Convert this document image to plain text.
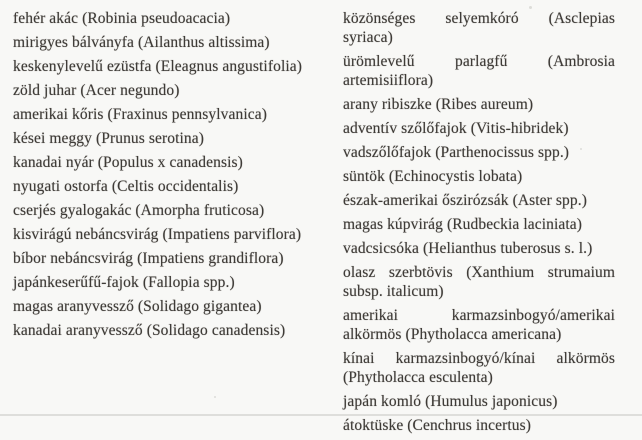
fehér akác (Robinia pseudoacacia)

mirigyes bálványfa (Ailanthus altissima)

keskenylevelű ezüstfa (Eleagnus angustifolia)

zöld juhar (Acer negundo)

amerikai kőris (Fraxinus pennsylvanica)

kései meggy (Prunus serotina)

kanadai nyár (Populus x canadensis)

nyugati ostorfa (Celtis occidentalis)

cserjés gyalogakác (Amorpha fruticosa)

kisvirágú nebáncsvirág (Impatiens parviflora)

bíbor nebáncsvirág (Impatiens grandiflora)

japánkeserűfű-fajok (Fallopia spp.)

magas aranyvessző (Solidago gigantea)

kanadai aranyvessző (Solidago canadensis)

közönséges selyemkóró (Asclepias syriaca)

ürömlevelű parlagfű (Ambrosia artemisiiflora)

arany ribiszke (Ribes aureum)

adventív szőlőfajok (Vitis-hibridek)

vadszőlőfajok (Parthenocissus spp.)

süntök (Echinocystis lobata)

észak-amerikai őszirózsák (Aster spp.)

magas kúpvirág (Rudbeckia laciniata)

vadcsicsóka (Helianthus tuberosus s. l.)

olasz szerbtövis (Xanthium strumaium subsp. italicum)

amerikai karmazsinbogyó/amerikai alkörmös (Phytholacca americana)

kínai karmazsinbogyó/kínai alkörmös (Phytholacca esculenta)

japán komló (Humulus japonicus)

átoktüske (Cenchrus incertus)
